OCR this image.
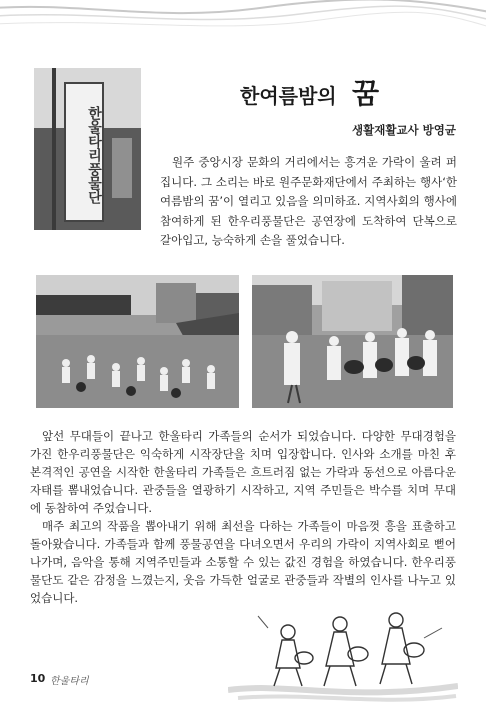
한울타리풍물단
한여름밤의 꿈
생활재활교사 방영균

원주 중앙시장 문화의 거리에서는 흥겨운 가락이 울려 퍼집니다. 그 소리는 바로 원주문화재단에서 주최하는 행사‘한여름밤의 꿈’이 열리고 있음을 의미하죠. 지역사회의 행사에 참여하게 된 한우리풍물단은 공연장에 도착하여 단복으로 갈아입고, 능숙하게 손을 풀었습니다.

앞선 무대들이 끝나고 한울타리 가족들의 순서가 되었습니다. 다양한 무대경험을 가진 한우리풍물단은 익숙하게 시작장단을 치며 입장합니다. 인사와 소개를 마친 후 본격적인 공연을 시작한 한울타리 가족들은 흐트러짐 없는 가락과 동선으로 아름다운 자태를 뽐내었습니다. 관중들을 열광하기 시작하고, 지역 주민들은 박수를 치며 무대에 동참하여 주었습니다.

매주 최고의 작품을 뽑아내기 위해 최선을 다하는 가족들이 마음껏 흥을 표출하고 돌아왔습니다. 가족들과 함께 풍물공연을 다녀오면서 우리의 가락이 지역사회로 뻗어 나가며, 음악을 통해 지역주민들과 소통할 수 있는 값진 경험을 하였습니다. 한우리풍물단도 같은 감정을 느꼈는지, 웃음 가득한 얼굴로 관중들과 작별의 인사를 나누고 있었습니다.

10 한울타리
